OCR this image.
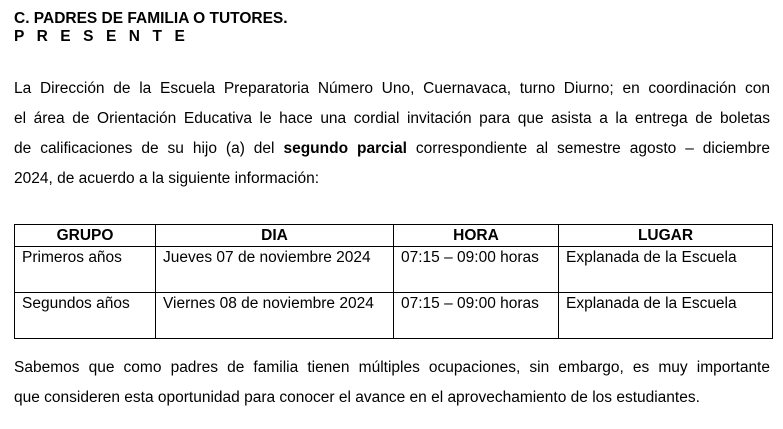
C. PADRES DE FAMILIA O TUTORES.
P R E S E N T E
La Dirección de la Escuela Preparatoria Número Uno, Cuernavaca, turno Diurno; en coordinación con
el área de Orientación Educativa le hace una cordial invitación para que asista a la entrega de boletas
de calificaciones de su hijo (a) del segundo parcial correspondiente al semestre agosto – diciembre
2024, de acuerdo a la siguiente información:
GRUPO	DIA	HORA	LUGAR
Primeros años	Jueves 07 de noviembre 2024	07:15 – 09:00 horas	Explanada de la Escuela
Segundos años	Viernes 08 de noviembre 2024	07:15 – 09:00 horas	Explanada de la Escuela
Sabemos que como padres de familia tienen múltiples ocupaciones, sin embargo, es muy importante
que consideren esta oportunidad para conocer el avance en el aprovechamiento de los estudiantes.
